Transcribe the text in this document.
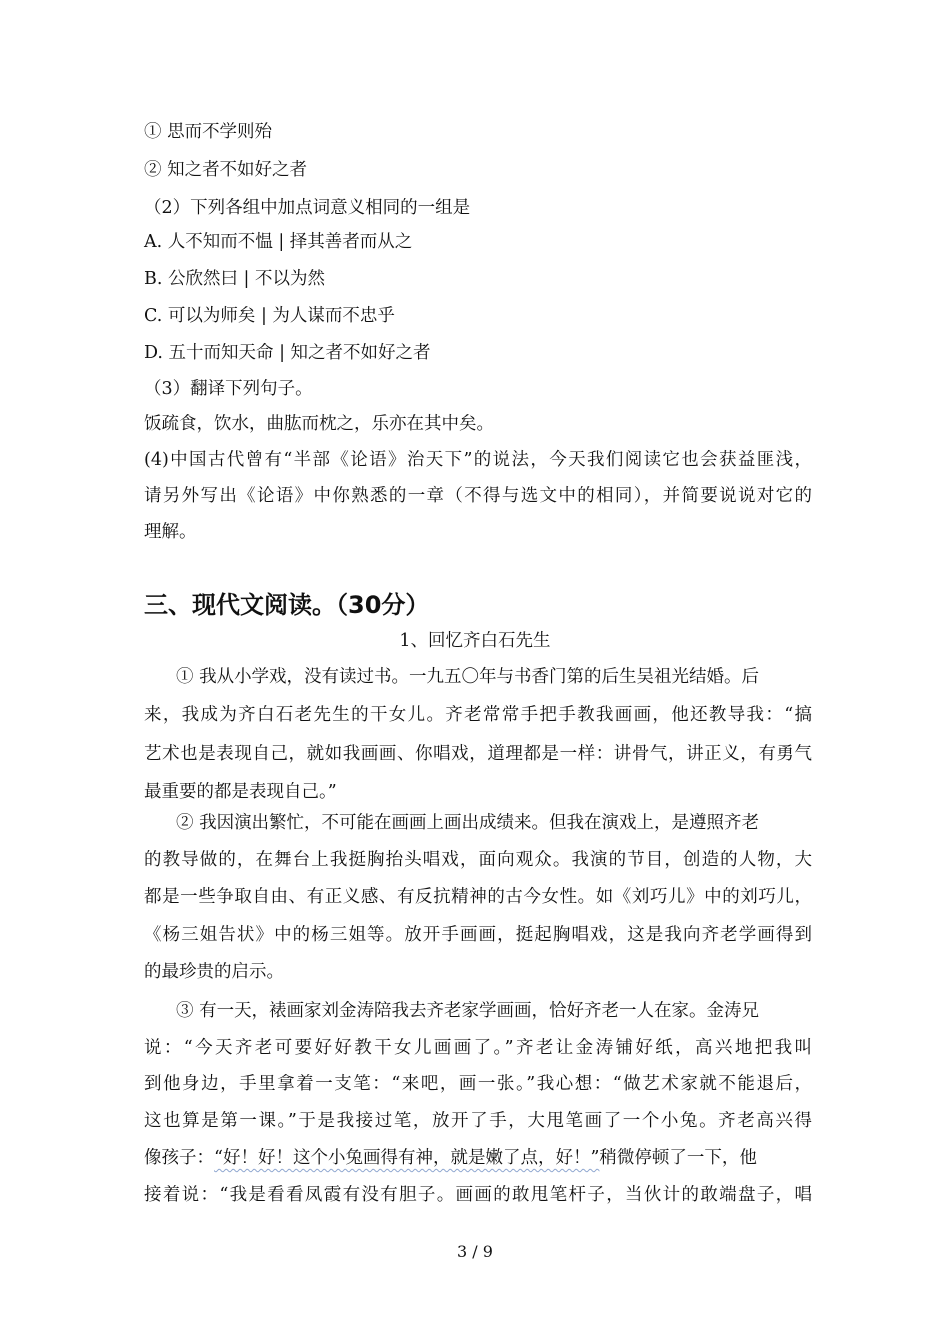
① 思而不学则殆
② 知之者不如好之者
（2）下列各组中加点词意义相同的一组是
A. 人不知而不愠 | 择其善者而从之
B. 公欣然曰 | 不以为然
C. 可以为师矣 | 为人谋而不忠乎
D. 五十而知天命 | 知之者不如好之者
（3）翻译下列句子。
饭疏食，饮水，曲肱而枕之，乐亦在其中矣。
(4)中国古代曾有“半部《论语》治天下”的说法，今天我们阅读它也会获益匪浅，
请另外写出《论语》中你熟悉的一章（不得与选文中的相同），并简要说说对它的
理解。
三、现代文阅读。（30分）
1、回忆齐白石先生
① 我从小学戏，没有读过书。一九五〇年与书香门第的后生吴祖光结婚。后
来，我成为齐白石老先生的干女儿。齐老常常手把手教我画画，他还教导我：“搞
艺术也是表现自己，就如我画画、你唱戏，道理都是一样：讲骨气，讲正义，有勇气
最重要的都是表现自己。”
② 我因演出繁忙，不可能在画画上画出成绩来。但我在演戏上，是遵照齐老
的教导做的，在舞台上我挺胸抬头唱戏，面向观众。我演的节目，创造的人物，大
都是一些争取自由、有正义感、有反抗精神的古今女性。如《刘巧儿》中的刘巧儿，
《杨三姐告状》中的杨三姐等。放开手画画，挺起胸唱戏，这是我向齐老学画得到
的最珍贵的启示。
③ 有一天，裱画家刘金涛陪我去齐老家学画画，恰好齐老一人在家。金涛兄
说：“今天齐老可要好好教干女儿画画了。”齐老让金涛铺好纸，高兴地把我叫
到他身边，手里拿着一支笔：“来吧，画一张。”我心想：“做艺术家就不能退后，
这也算是第一课。”于是我接过笔，放开了手，大甩笔画了一个小兔。齐老高兴得
像孩子：“好！好！这个小兔画得有神，就是嫩了点，好！”稍微停顿了一下，他
接着说：“我是看看凤霞有没有胆子。画画的敢甩笔杆子，当伙计的敢端盘子，唱
3 / 9
